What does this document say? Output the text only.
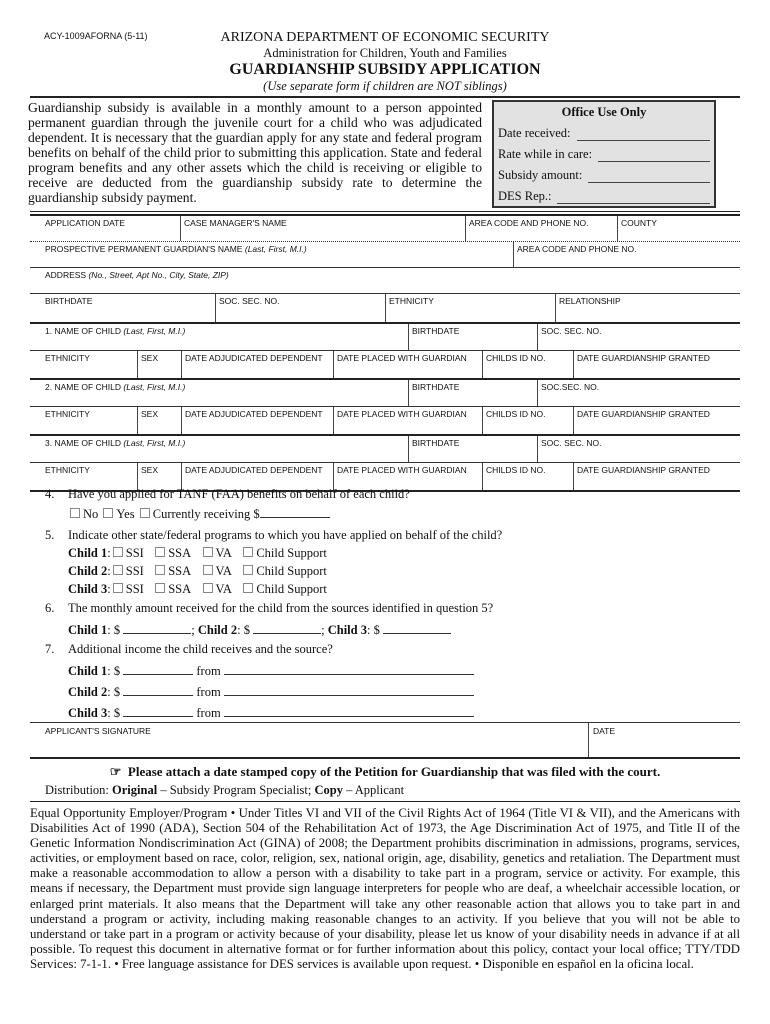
ACY-1009AFORNA (5-11)	ARIZONA DEPARTMENT OF ECONOMIC SECURITY
Administration for Children, Youth and Families
GUARDIANSHIP SUBSIDY APPLICATION
(Use separate form if children are NOT siblings)
Guardianship subsidy is available in a monthly amount to a person appointed permanent guardian through the juvenile court for a child who was adjudicated dependent. It is necessary that the guardian apply for any state and federal program benefits on behalf of the child prior to submitting this application. State and federal program benefits and any other assets which the child is receiving or eligible to receive are deducted from the guardianship subsidy rate to determine the guardianship subsidy payment.
Office Use Only
Date received:
Rate while in care:
Subsidy amount:
DES Rep.:
APPLICATION DATE	CASE MANAGER'S NAME	AREA CODE AND PHONE NO.	COUNTY
PROSPECTIVE PERMANENT GUARDIAN'S NAME (Last, First, M.I.)	AREA CODE AND PHONE NO.
ADDRESS (No., Street, Apt No., City, State, ZIP)
BIRTHDATE	SOC. SEC. NO.	ETHNICITY	RELATIONSHIP
1. NAME OF CHILD (Last, First, M.I.)	BIRTHDATE	SOC. SEC. NO.
ETHNICITY	SEX	DATE ADJUDICATED DEPENDENT	DATE PLACED WITH GUARDIAN	CHILDS ID NO.	DATE GUARDIANSHIP GRANTED
2. NAME OF CHILD (Last, First, M.I.)	BIRTHDATE	SOC.SEC. NO.
ETHNICITY	SEX	DATE ADJUDICATED DEPENDENT	DATE PLACED WITH GUARDIAN	CHILDS ID NO.	DATE GUARDIANSHIP GRANTED
3. NAME OF CHILD (Last, First, M.I.)	BIRTHDATE	SOC. SEC. NO.
ETHNICITY	SEX	DATE ADJUDICATED DEPENDENT	DATE PLACED WITH GUARDIAN	CHILDS ID NO.	DATE GUARDIANSHIP GRANTED
4. Have you applied for TANF (FAA) benefits on behalf of each child?
No Yes Currently receiving $
5. Indicate other state/federal programs to which you have applied on behalf of the child?
Child 1: SSI SSA VA Child Support
Child 2: SSI SSA VA Child Support
Child 3: SSI SSA VA Child Support
6. The monthly amount received for the child from the sources identified in question 5?
Child 1: $	; Child 2: $	; Child 3: $
7. Additional income the child receives and the source?
Child 1: $	from
Child 2: $	from
Child 3: $	from
APPLICANT'S SIGNATURE	DATE
☞ Please attach a date stamped copy of the Petition for Guardianship that was filed with the court.
Distribution: Original – Subsidy Program Specialist; Copy – Applicant
Equal Opportunity Employer/Program • Under Titles VI and VII of the Civil Rights Act of 1964 (Title VI & VII), and the Americans with Disabilities Act of 1990 (ADA), Section 504 of the Rehabilitation Act of 1973, the Age Discrimination Act of 1975, and Title II of the Genetic Information Nondiscrimination Act (GINA) of 2008; the Department prohibits discrimination in admissions, programs, services, activities, or employment based on race, color, religion, sex, national origin, age, disability, genetics and retaliation. The Department must make a reasonable accommodation to allow a person with a disability to take part in a program, service or activity. For example, this means if necessary, the Department must provide sign language interpreters for people who are deaf, a wheelchair accessible location, or enlarged print materials. It also means that the Department will take any other reasonable action that allows you to take part in and understand a program or activity, including making reasonable changes to an activity. If you believe that you will not be able to understand or take part in a program or activity because of your disability, please let us know of your disability needs in advance if at all possible. To request this document in alternative format or for further information about this policy, contact your local office; TTY/TDD Services: 7-1-1. • Free language assistance for DES services is available upon request. • Disponible en español en la oficina local.
